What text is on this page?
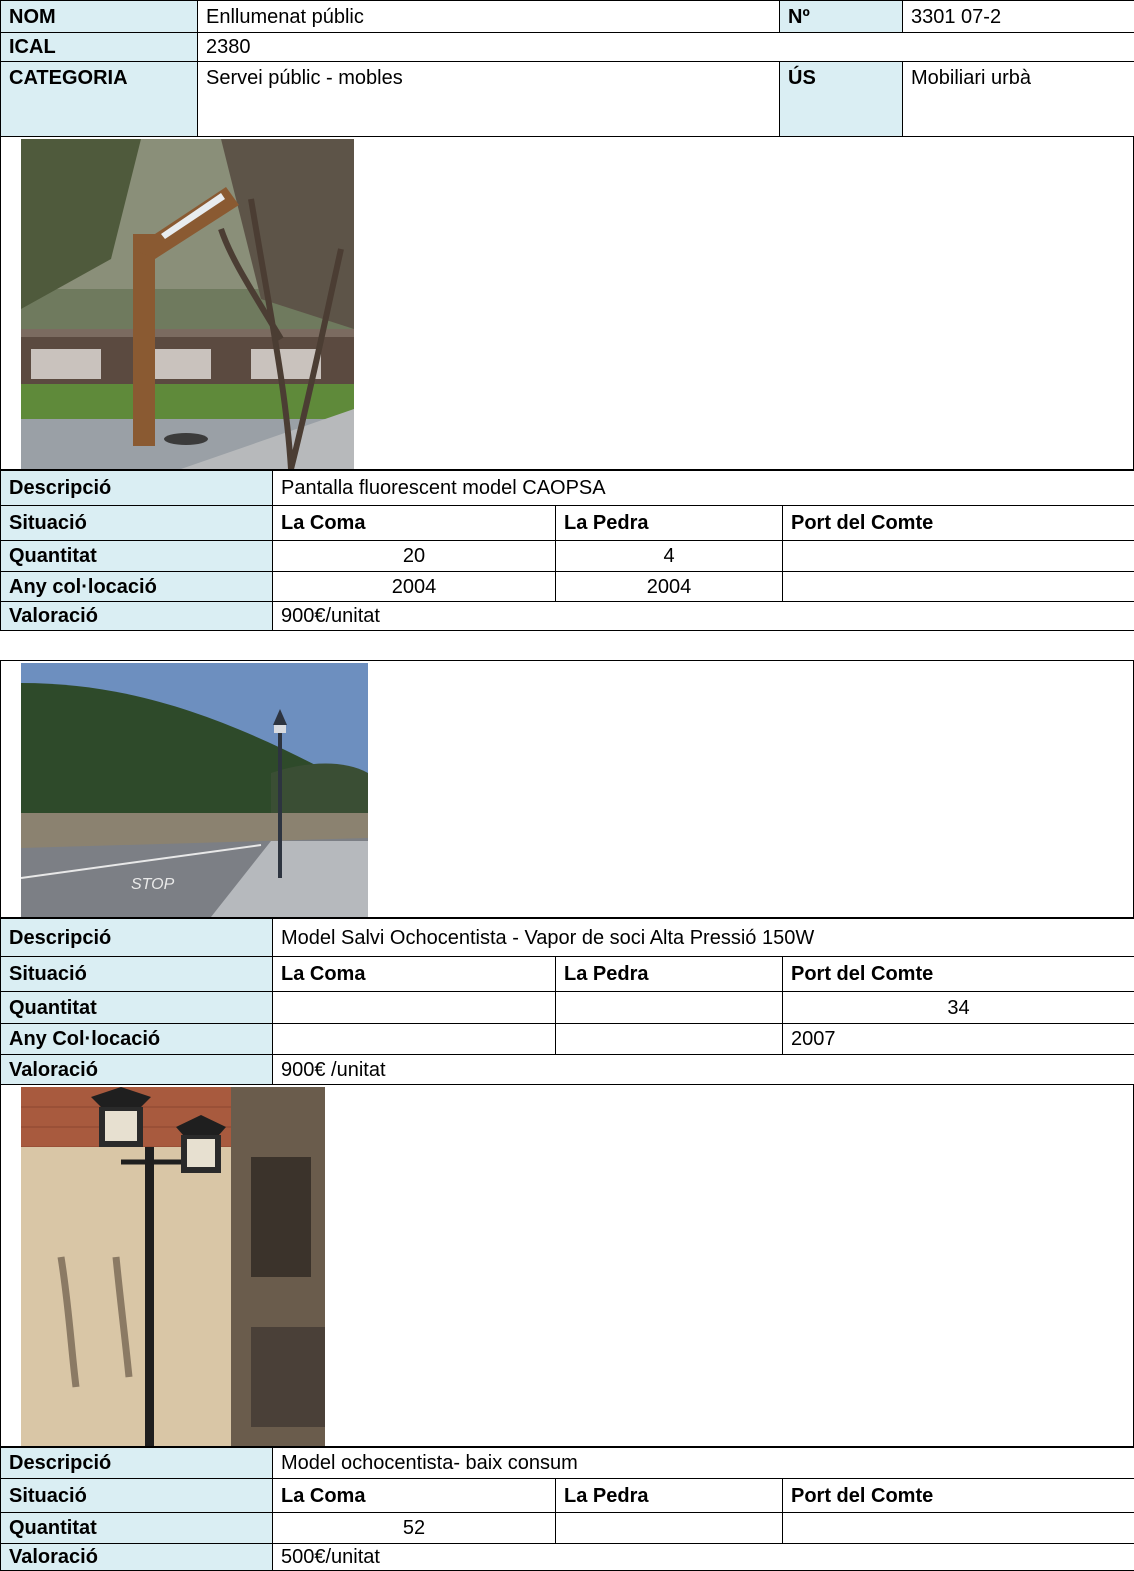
NOM	Enllumenat públic	Nº	3301 07-2
ICAL	2380		
CATEGORIA	Servei públic - mobles	ÚS	Mobiliari urbà
Descripció	Pantalla fluorescent model CAOPSA		
Situació	La Coma	La Pedra	Port del Comte
Quantitat	20	4	
Any col·locació	2004	2004	
Valoració	900€/unitat		
STOP
Descripció	Model Salvi Ochocentista - Vapor de soci Alta Pressió 150W		
Situació	La Coma	La Pedra	Port del Comte
Quantitat			34
Any Col·locació			2007
Valoració	900€ /unitat		
Descripció	Model ochocentista- baix consum		
Situació	La Coma	La Pedra	Port del Comte
Quantitat	52		
Valoració	500€/unitat		
